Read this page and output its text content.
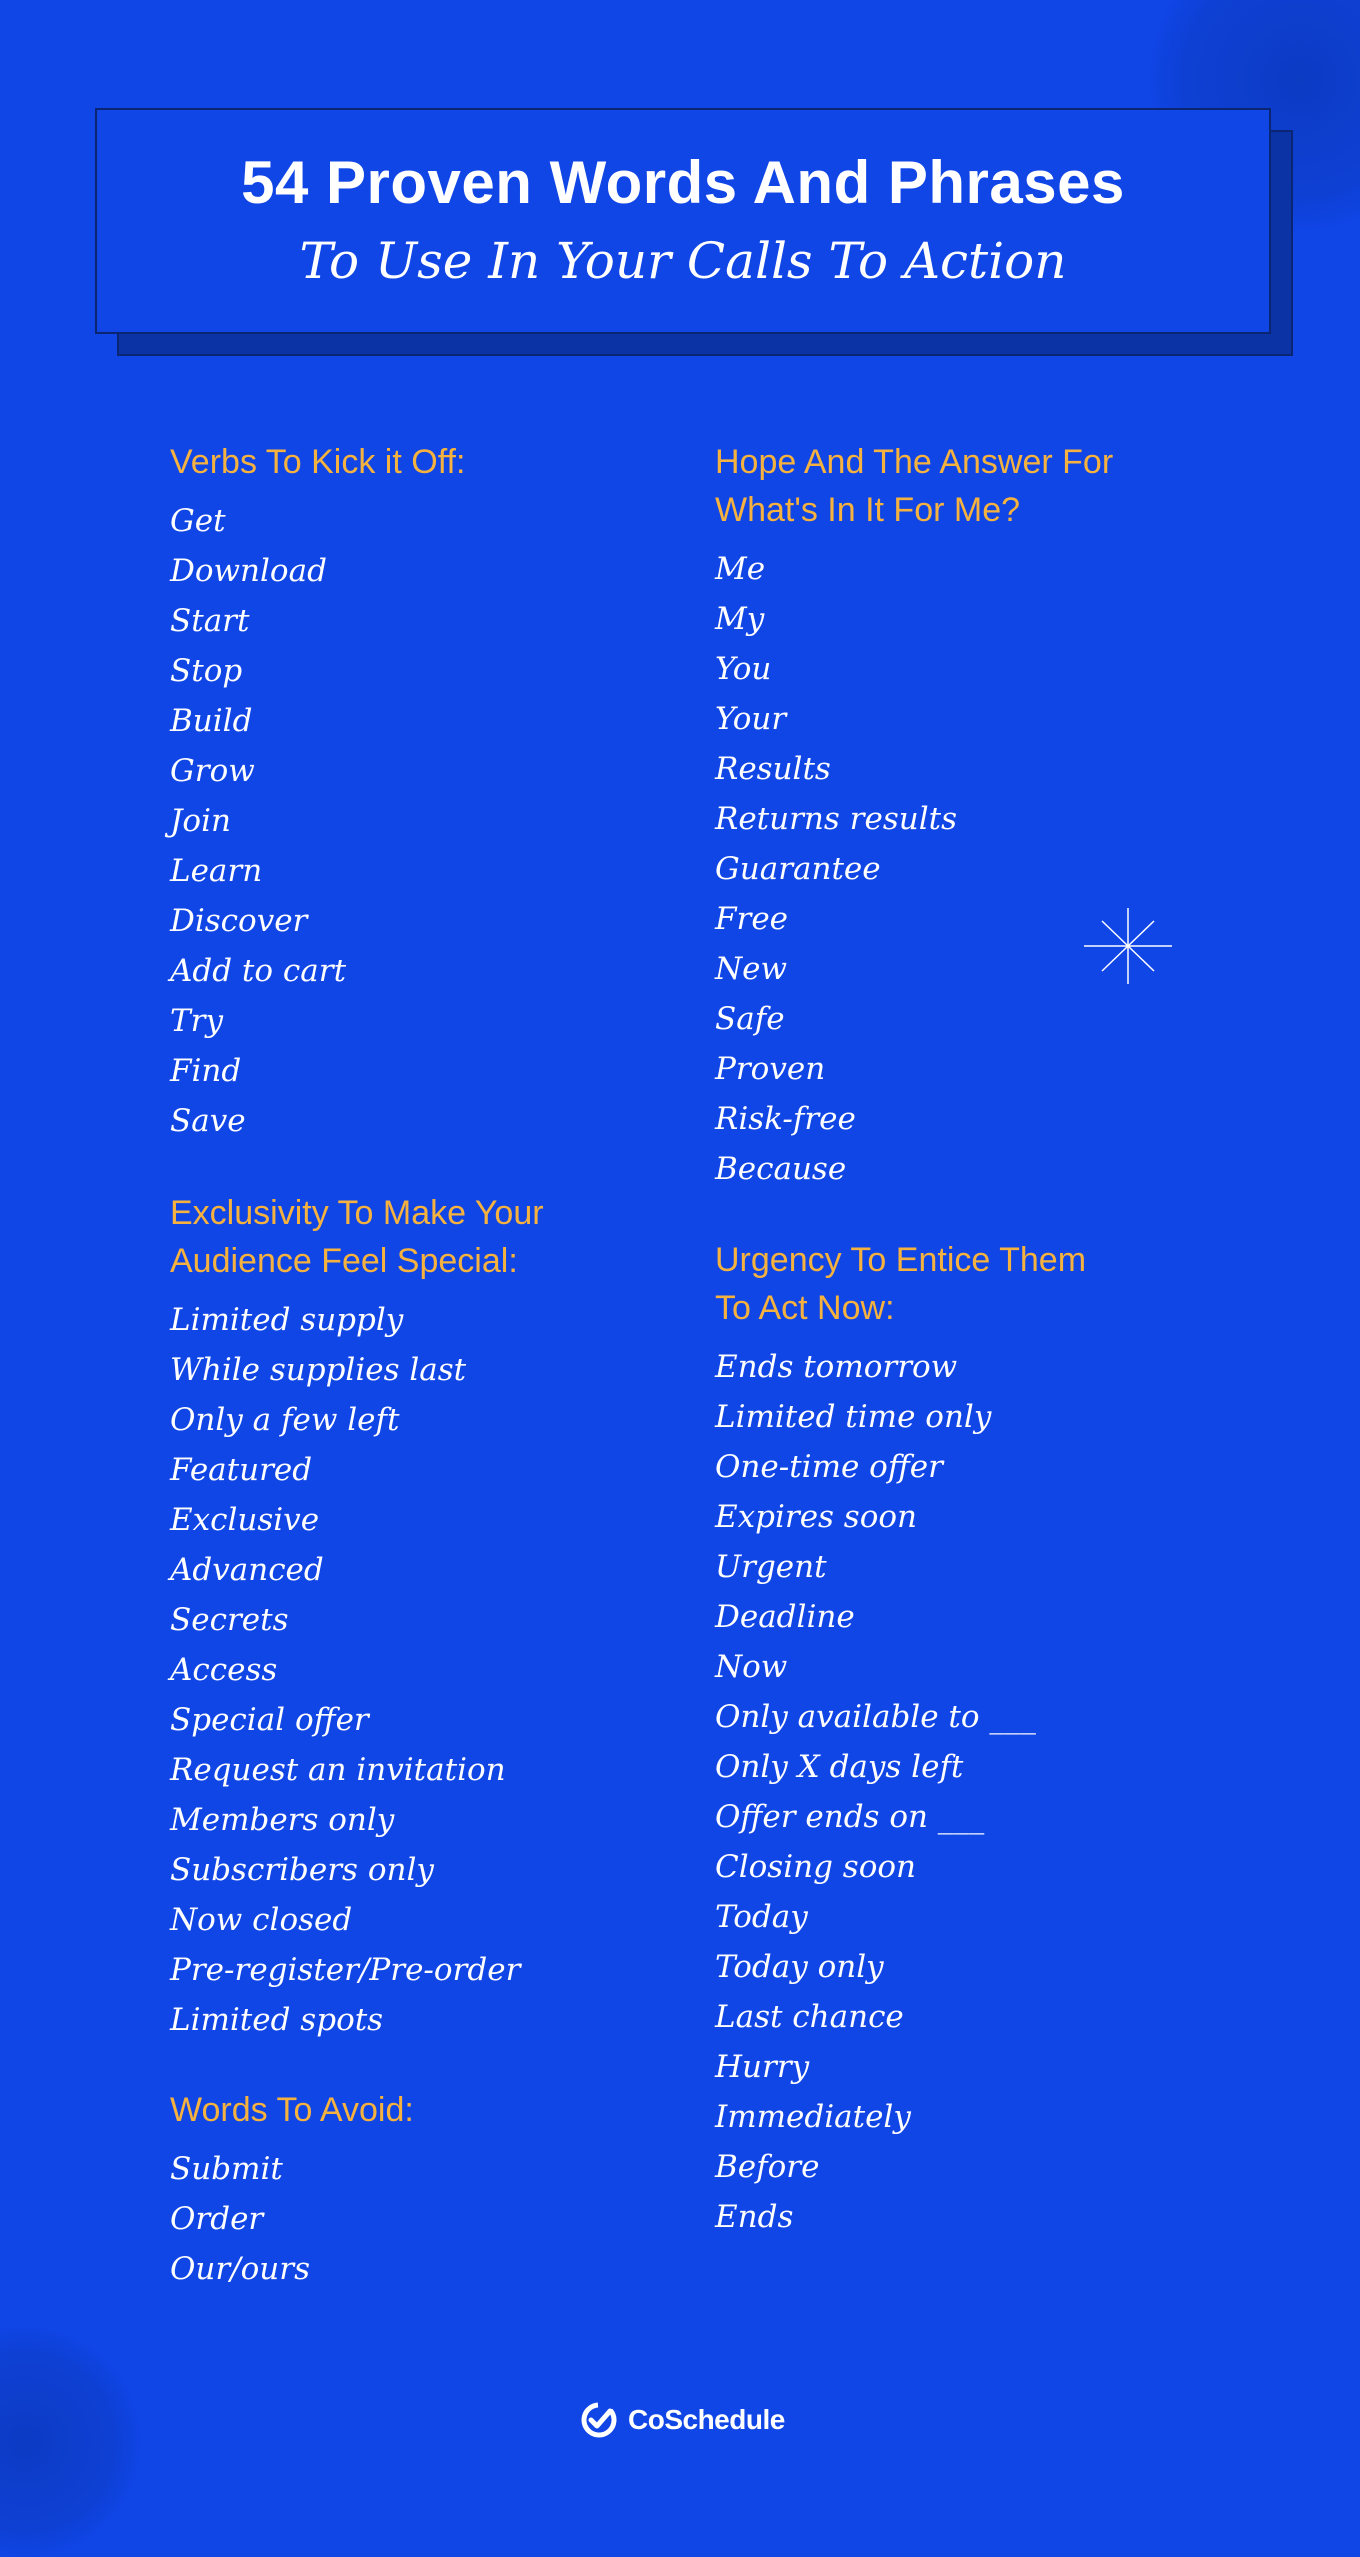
54 Proven Words And Phrases
To Use In Your Calls To Action
Verbs To Kick it Off:
Get
Download
Start
Stop
Build
Grow
Join
Learn
Discover
Add to cart
Try
Find
Save
Exclusivity To Make Your
Audience Feel Special:
Limited supply
While supplies last
Only a few left
Featured
Exclusive
Advanced
Secrets
Access
Special offer
Request an invitation
Members only
Subscribers only
Now closed
Pre-register/Pre-order
Limited spots
Words To Avoid:
Submit
Order
Our/ours
Hope And The Answer For
What's In It For Me?
Me
My
You
Your
Results
Returns results
Guarantee
Free
New
Safe
Proven
Risk-free
Because
Urgency To Entice Them
To Act Now:
Ends tomorrow
Limited time only
One-time offer
Expires soon
Urgent
Deadline
Now
Only available to ___
Only X days left
Offer ends on ___
Closing soon
Today
Today only
Last chance
Hurry
Immediately
Before
Ends
CoSchedule
